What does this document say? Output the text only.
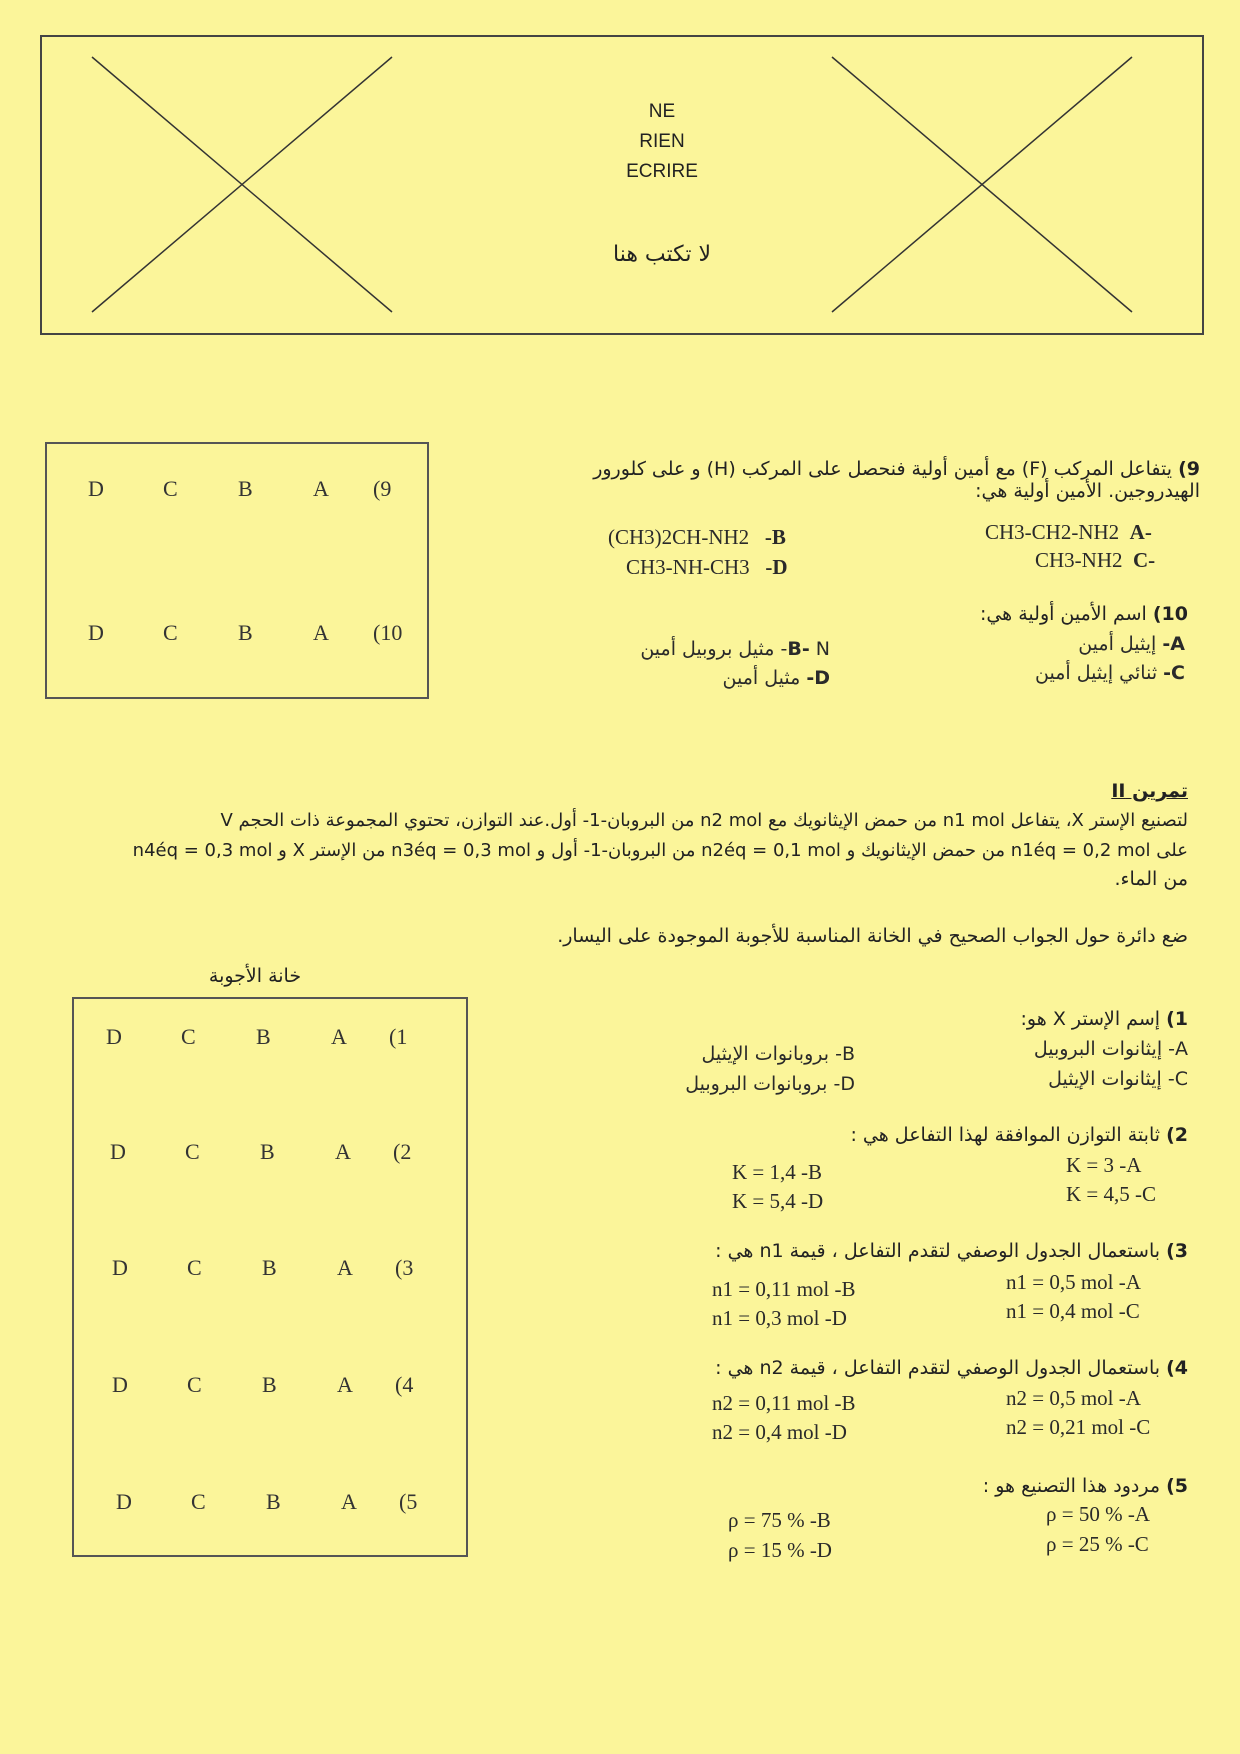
NE
RIEN
ECRIRE
لا تكتب هنا
D	C	B	A	(9
D	C	B	A	(10
9) يتفاعل المركب (F) مع أمين أولية فنحصل على المركب (H) و على كلورور
الهيدروجين. الأمين أولية هي:
CH3-CH2-NH2 A-
CH3-NH2 C-
(CH3)2CH-NH2 -B
CH3-NH-CH3 -D
10) اسم الأمين أولية هي:
A- إيثيل أمين
C- ثنائي إيثيل أمين
B- N- مثيل بروبيل أمين
D- مثيل أمين
تمرين II
لتصنيع الإستر X، يتفاعل n1 mol من حمض الإيثانويك مع n2 mol من البروبان-1- أول.عند التوازن، تحتوي المجموعة ذات الحجم V
على n1éq = 0,2 mol من حمض الإيثانويك و n2éq = 0,1 mol من البروبان-1- أول و n3éq = 0,3 mol من الإستر X و n4éq = 0,3 mol
من الماء.
ضع دائرة حول الجواب الصحيح في الخانة المناسبة للأجوبة الموجودة على اليسار.
خانة الأجوبة
D	C	B	A	(1
D	C	B	A	(2
D	C	B	A	(3
D	C	B	A	(4
D	C	B	A	(5
1) إسم الإستر X هو:
A- إيثانوات البروبيل
C- إيثانوات الإيثيل
B- بروبانوات الإيثيل
D- بروبانوات البروبيل
2) ثابتة التوازن الموافقة لهذا التفاعل هي :
K = 3 -A
K = 4,5 -C
K = 1,4 -B
K = 5,4 -D
3) باستعمال الجدول الوصفي لتقدم التفاعل ، قيمة n1 هي :
n1 = 0,5 mol -A
n1 = 0,4 mol -C
n1 = 0,11 mol -B
n1 = 0,3 mol -D
4) باستعمال الجدول الوصفي لتقدم التفاعل ، قيمة n2 هي :
n2 = 0,5 mol -A
n2 = 0,21 mol -C
n2 = 0,11 mol -B
n2 = 0,4 mol -D
5) مردود هذا التصنيع هو :
ρ = 50 % -A
ρ = 25 % -C
ρ = 75 % -B
ρ = 15 % -D
